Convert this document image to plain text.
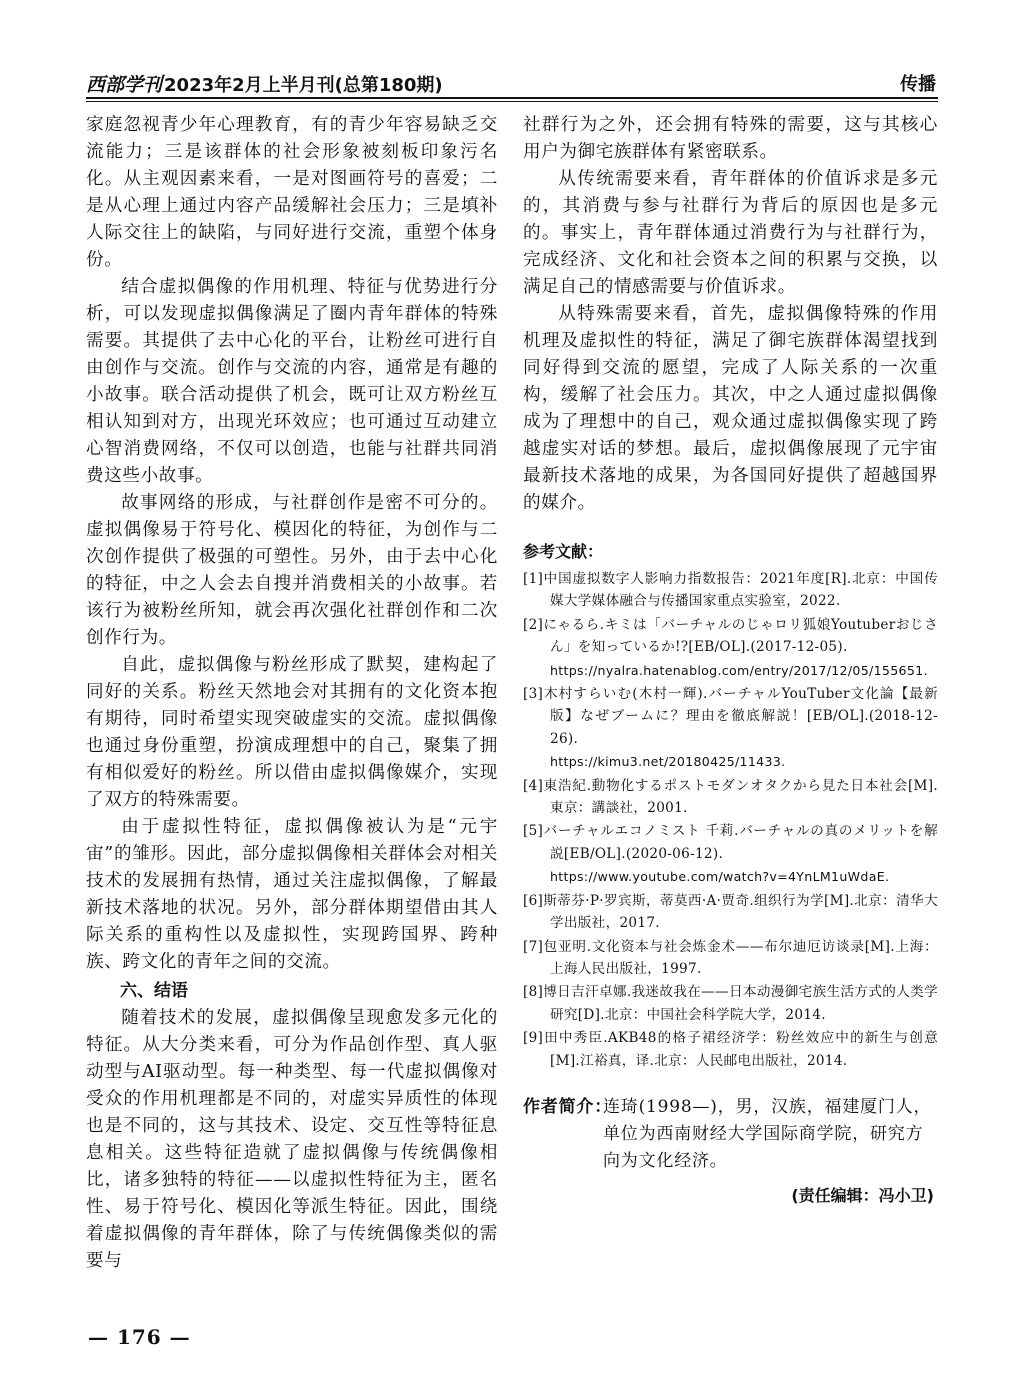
西部学刊 2023年2月上半月刊(总第180期)	传播

家庭忽视青少年心理教育，有的青少年容易缺乏交流能力；三是该群体的社会形象被刻板印象污名化。从主观因素来看，一是对图画符号的喜爱；二是从心理上通过内容产品缓解社会压力；三是填补人际交往上的缺陷，与同好进行交流，重塑个体身份。

结合虚拟偶像的作用机理、特征与优势进行分析，可以发现虚拟偶像满足了圈内青年群体的特殊需要。其提供了去中心化的平台，让粉丝可进行自由创作与交流。创作与交流的内容，通常是有趣的小故事。联合活动提供了机会，既可让双方粉丝互相认知到对方，出现光环效应；也可通过互动建立心智消费网络，不仅可以创造，也能与社群共同消费这些小故事。

故事网络的形成，与社群创作是密不可分的。虚拟偶像易于符号化、模因化的特征，为创作与二次创作提供了极强的可塑性。另外，由于去中心化的特征，中之人会去自搜并消费相关的小故事。若该行为被粉丝所知，就会再次强化社群创作和二次创作行为。

自此，虚拟偶像与粉丝形成了默契，建构起了同好的关系。粉丝天然地会对其拥有的文化资本抱有期待，同时希望实现突破虚实的交流。虚拟偶像也通过身份重塑，扮演成理想中的自己，聚集了拥有相似爱好的粉丝。所以借由虚拟偶像媒介，实现了双方的特殊需要。

由于虚拟性特征，虚拟偶像被认为是“元宇宙”的雏形。因此，部分虚拟偶像相关群体会对相关技术的发展拥有热情，通过关注虚拟偶像，了解最新技术落地的状况。另外，部分群体期望借由其人际关系的重构性以及虚拟性，实现跨国界、跨种族、跨文化的青年之间的交流。

六、结语

随着技术的发展，虚拟偶像呈现愈发多元化的特征。从大分类来看，可分为作品创作型、真人驱动型与AI驱动型。每一种类型、每一代虚拟偶像对受众的作用机理都是不同的，对虚实异质性的体现也是不同的，这与其技术、设定、交互性等特征息息相关。这些特征造就了虚拟偶像与传统偶像相比，诸多独特的特征——以虚拟性特征为主，匿名性、易于符号化、模因化等派生特征。因此，围绕着虚拟偶像的青年群体，除了与传统偶像类似的需要与

社群行为之外，还会拥有特殊的需要，这与其核心用户为御宅族群体有紧密联系。

从传统需要来看，青年群体的价值诉求是多元的，其消费与参与社群行为背后的原因也是多元的。事实上，青年群体通过消费行为与社群行为，完成经济、文化和社会资本之间的积累与交换，以满足自己的情感需要与价值诉求。

从特殊需要来看，首先，虚拟偶像特殊的作用机理及虚拟性的特征，满足了御宅族群体渴望找到同好得到交流的愿望，完成了人际关系的一次重构，缓解了社会压力。其次，中之人通过虚拟偶像成为了理想中的自己，观众通过虚拟偶像实现了跨越虚实对话的梦想。最后，虚拟偶像展现了元宇宙最新技术落地的成果，为各国同好提供了超越国界的媒介。

参考文献：

[1]中国虚拟数字人影响力指数报告：2021年度[R].北京：中国传媒大学媒体融合与传播国家重点实验室，2022.

[2]にゃるら.キミは「バーチャルのじゃロリ狐娘Youtuberおじさん」を知っているか!?[EB/OL].(2017-12-05).

https://nyalra.hatenablog.com/entry/2017/12/05/155651.

[3]木村すらいむ(木村一輝).バーチャルYouTuber文化論【最新版】なぜブームに？理由を徹底解説！[EB/OL].(2018-12-26).

https://kimu3.net/20180425/11433.

[4]東浩紀.動物化するポストモダンオタクから見た日本社会[M].東京：講談社，2001.

[5]バーチャルエコノミスト 千莉.バーチャルの真のメリットを解説[EB/OL].(2020-06-12).

https://www.youtube.com/watch?v=4YnLM1uWdaE.

[6]斯蒂芬·P·罗宾斯，蒂莫西·A·贾奇.组织行为学[M].北京：清华大学出版社，2017.

[7]包亚明.文化资本与社会炼金术——布尔迪厄访谈录[M].上海：上海人民出版社，1997.

[8]博日吉汗卓娜.我迷故我在——日本动漫御宅族生活方式的人类学研究[D].北京：中国社会科学院大学，2014.

[9]田中秀臣.AKB48的格子裙经济学：粉丝效应中的新生与创意[M].江裕真，译.北京：人民邮电出版社，2014.

作者简介：
连琦(1998—)，男，汉族，福建厦门人，单位为西南财经大学国际商学院，研究方向为文化经济。
(责任编辑：冯小卫)
— 176 —
